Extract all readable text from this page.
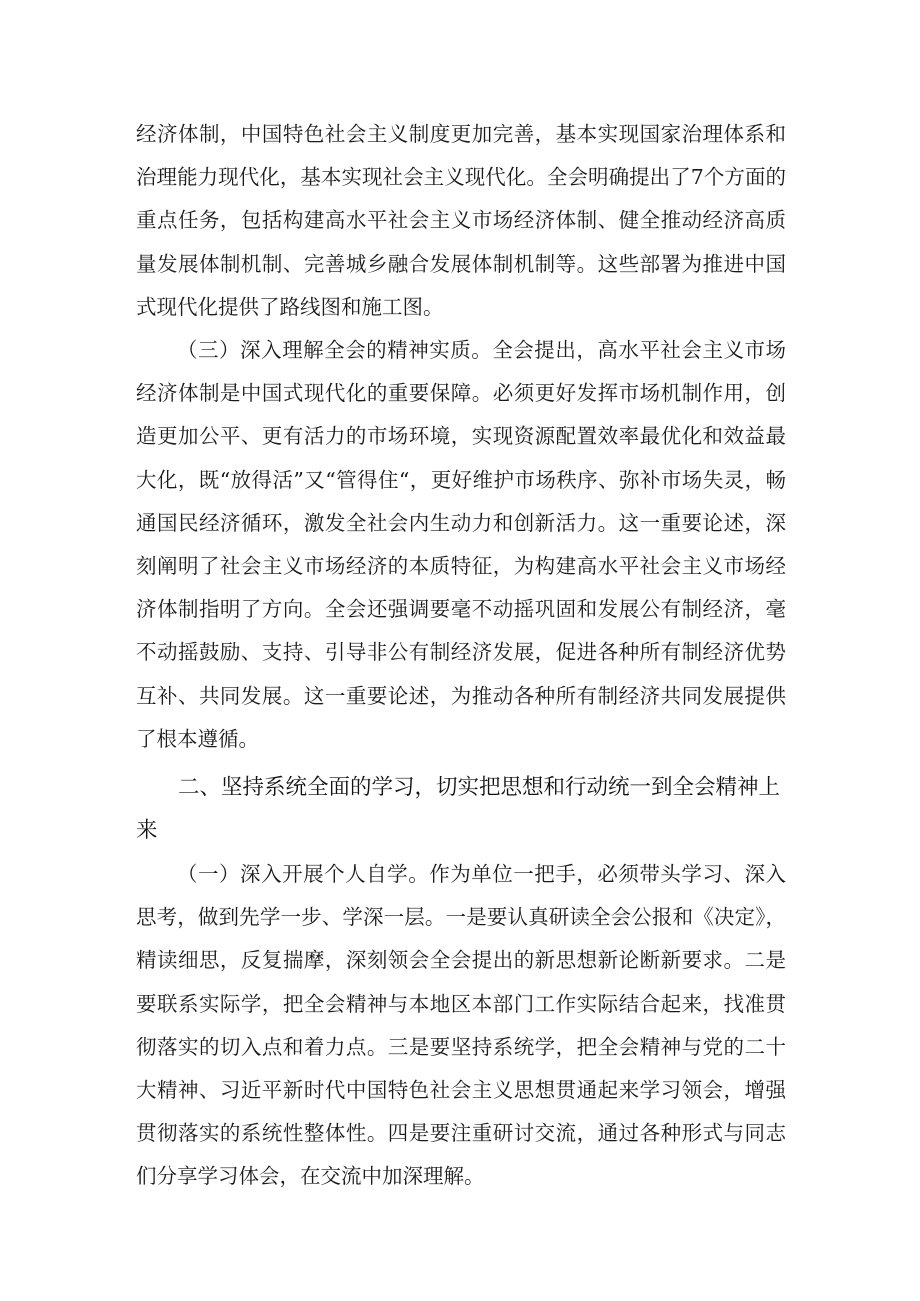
经济体制，中国特色社会主义制度更加完善，基本实现国家治理体系和治理能力现代化，基本实现社会主义现代化。全会明确提出了7个方面的重点任务，包括构建高水平社会主义市场经济体制、健全推动经济高质量发展体制机制、完善城乡融合发展体制机制等。这些部署为推进中国式现代化提供了路线图和施工图。

（三）深入理解全会的精神实质。全会提出，高水平社会主义市场经济体制是中国式现代化的重要保障。必须更好发挥市场机制作用，创造更加公平、更有活力的市场环境，实现资源配置效率最优化和效益最大化，既“放得活”又“管得住“，更好维护市场秩序、弥补市场失灵，畅通国民经济循环，激发全社会内生动力和创新活力。这一重要论述，深刻阐明了社会主义市场经济的本质特征，为构建高水平社会主义市场经济体制指明了方向。全会还强调要毫不动摇巩固和发展公有制经济，毫不动摇鼓励、支持、引导非公有制经济发展，促进各种所有制经济优势互补、共同发展。这一重要论述，为推动各种所有制经济共同发展提供了根本遵循。

二、坚持系统全面的学习，切实把思想和行动统一到全会精神上来

（一）深入开展个人自学。作为单位一把手，必须带头学习、深入思考，做到先学一步、学深一层。一是要认真研读全会公报和《决定》，精读细思，反复揣摩，深刻领会全会提出的新思想新论断新要求。二是要联系实际学，把全会精神与本地区本部门工作实际结合起来，找准贯彻落实的切入点和着力点。三是要坚持系统学，把全会精神与党的二十大精神、习近平新时代中国特色社会主义思想贯通起来学习领会，增强贯彻落实的系统性整体性。四是要注重研讨交流，通过各种形式与同志们分享学习体会，在交流中加深理解。
